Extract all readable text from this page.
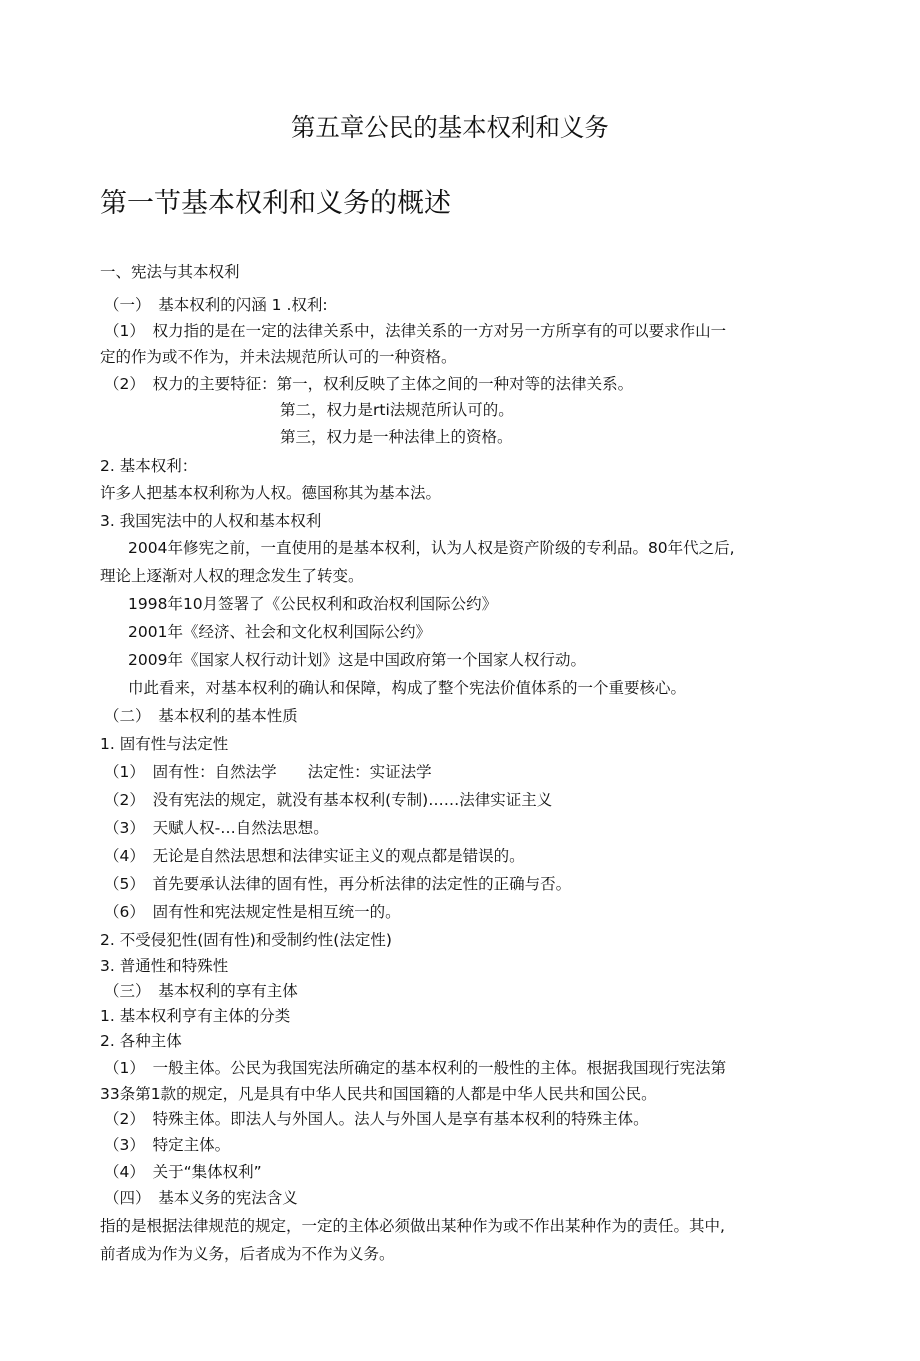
第五章公民的基本权利和义务
第一节基本权利和义务的概述
一、宪法与其本权利
（一）　基本权利的闪涵 1 .权利:
（1）　权力指的是在一定的法律关系中，法律关系的一方对另一方所享有的可以要求作山一
定的作为或不作为，并未法规范所认可的一种资格。
（2）　权力的主要特征：第一，权利反映了主体之间的一种对等的法律关系。
第二，权力是rti法规范所认可的。
第三，权力是一种法律上的资格。
2. 基本权利：
许多人把基本权利称为人权。德国称其为基本法。
3. 我国宪法中的人权和基本权利
2004年修宪之前，一直使用的是基本权利，认为人权是资产阶级的专利品。80年代之后,
理论上逐渐对人权的理念发生了转变。
1998年10月签署了《公民权利和政治权利国际公约》
2001年《经济、社会和文化权利国际公约》
2009年《国家人权行动计划》这是中国政府第一个国家人权行动。
巾此看来，对基本权利的确认和保障，构成了整个宪法价值体系的一个重要核心。
（二）　基本权利的基本性质
1. 固有性与法定性
（1）　固有性：自然法学　　法定性：实证法学
（2）　没有宪法的规定，就没有基本权利(专制)……法律实证主义
（3）　天赋人权-…自然法思想。
（4）　无论是自然法思想和法律实证主义的观点都是错误的。
（5）　首先要承认法律的固有性，再分析法律的法定性的正确与否。
（6）　固有性和宪法规定性是相互统一的。
2. 不受侵犯性(固有性)和受制约性(法定性)
3. 普通性和特殊性
（三）　基本权利的享有主体
1. 基本权利亨有主体的分类
2. 各种主体
（1）　一般主体。公民为我国宪法所确定的基本权利的一般性的主体。根据我国现行宪法第
33条第1款的规定，凡是具有中华人民共和国国籍的人都是中华人民共和国公民。
（2）　特殊主体。即法人与外国人。法人与外国人是享有基本权利的特殊主体。
（3）　特定主体。
（4）　关于“集体权利”
（四）　基本义务的宪法含义
指的是根据法律规范的规定，一定的主体必须做出某种作为或不作出某种作为的责任。其中,
前者成为作为义务，后者成为不作为义务。
